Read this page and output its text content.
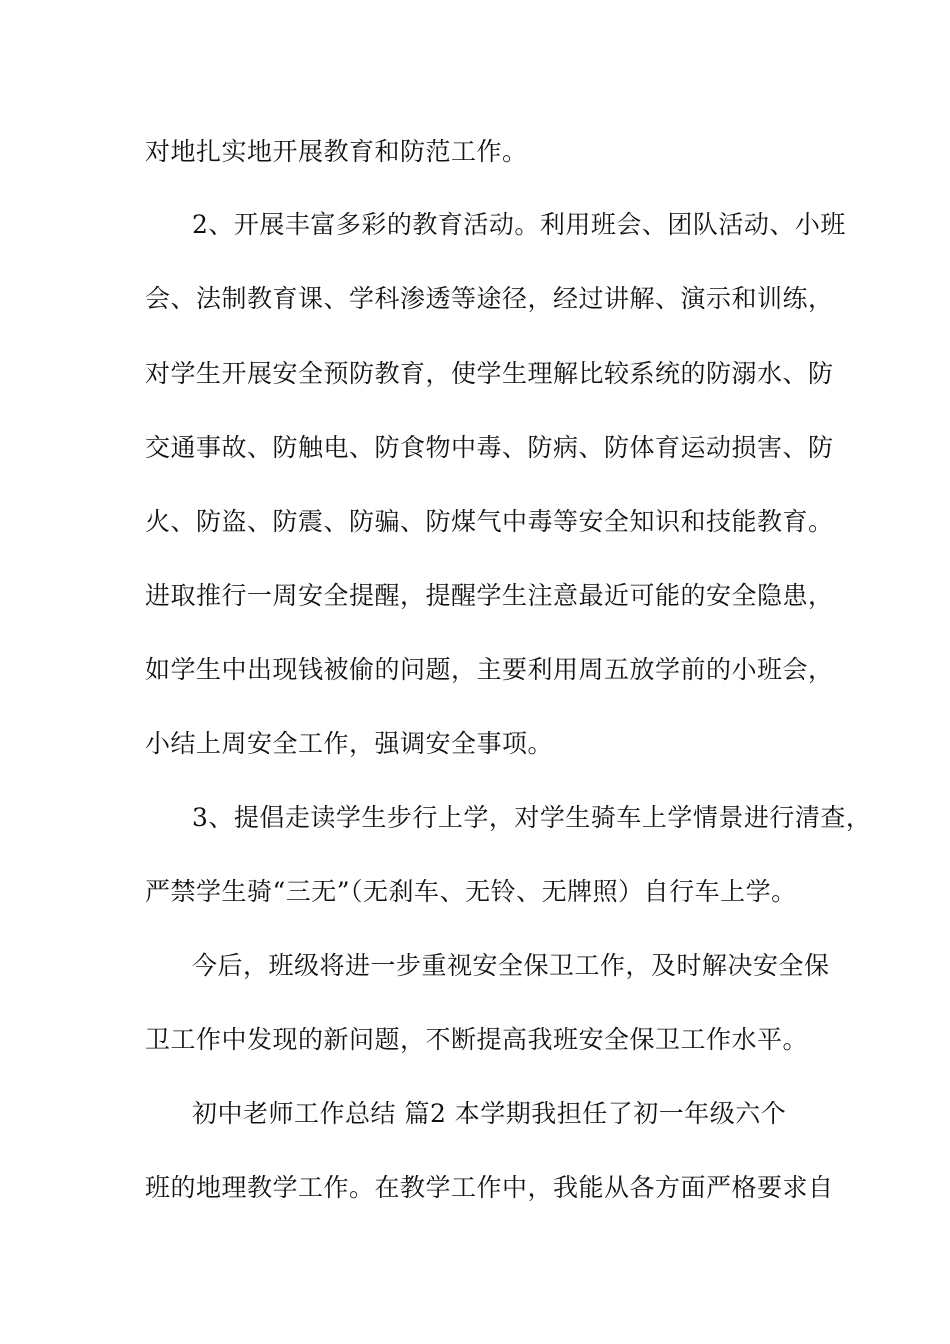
对地扎实地开展教育和防范工作。
2、开展丰富多彩的教育活动。利用班会、团队活动、小班
会、法制教育课、学科渗透等途径，经过讲解、演示和训练，
对学生开展安全预防教育，使学生理解比较系统的防溺水、防
交通事故、防触电、防食物中毒、防病、防体育运动损害、防
火、防盗、防震、防骗、防煤气中毒等安全知识和技能教育。
进取推行一周安全提醒，提醒学生注意最近可能的安全隐患，
如学生中出现钱被偷的问题，主要利用周五放学前的小班会，
小结上周安全工作，强调安全事项。
3、提倡走读学生步行上学，对学生骑车上学情景进行清查，
严禁学生骑“三无”（无刹车、无铃、无牌照）自行车上学。
今后，班级将进一步重视安全保卫工作，及时解决安全保
卫工作中发现的新问题，不断提高我班安全保卫工作水平。
初中老师工作总结 篇2 本学期我担任了初一年级六个
班的地理教学工作。在教学工作中，我能从各方面严格要求自
